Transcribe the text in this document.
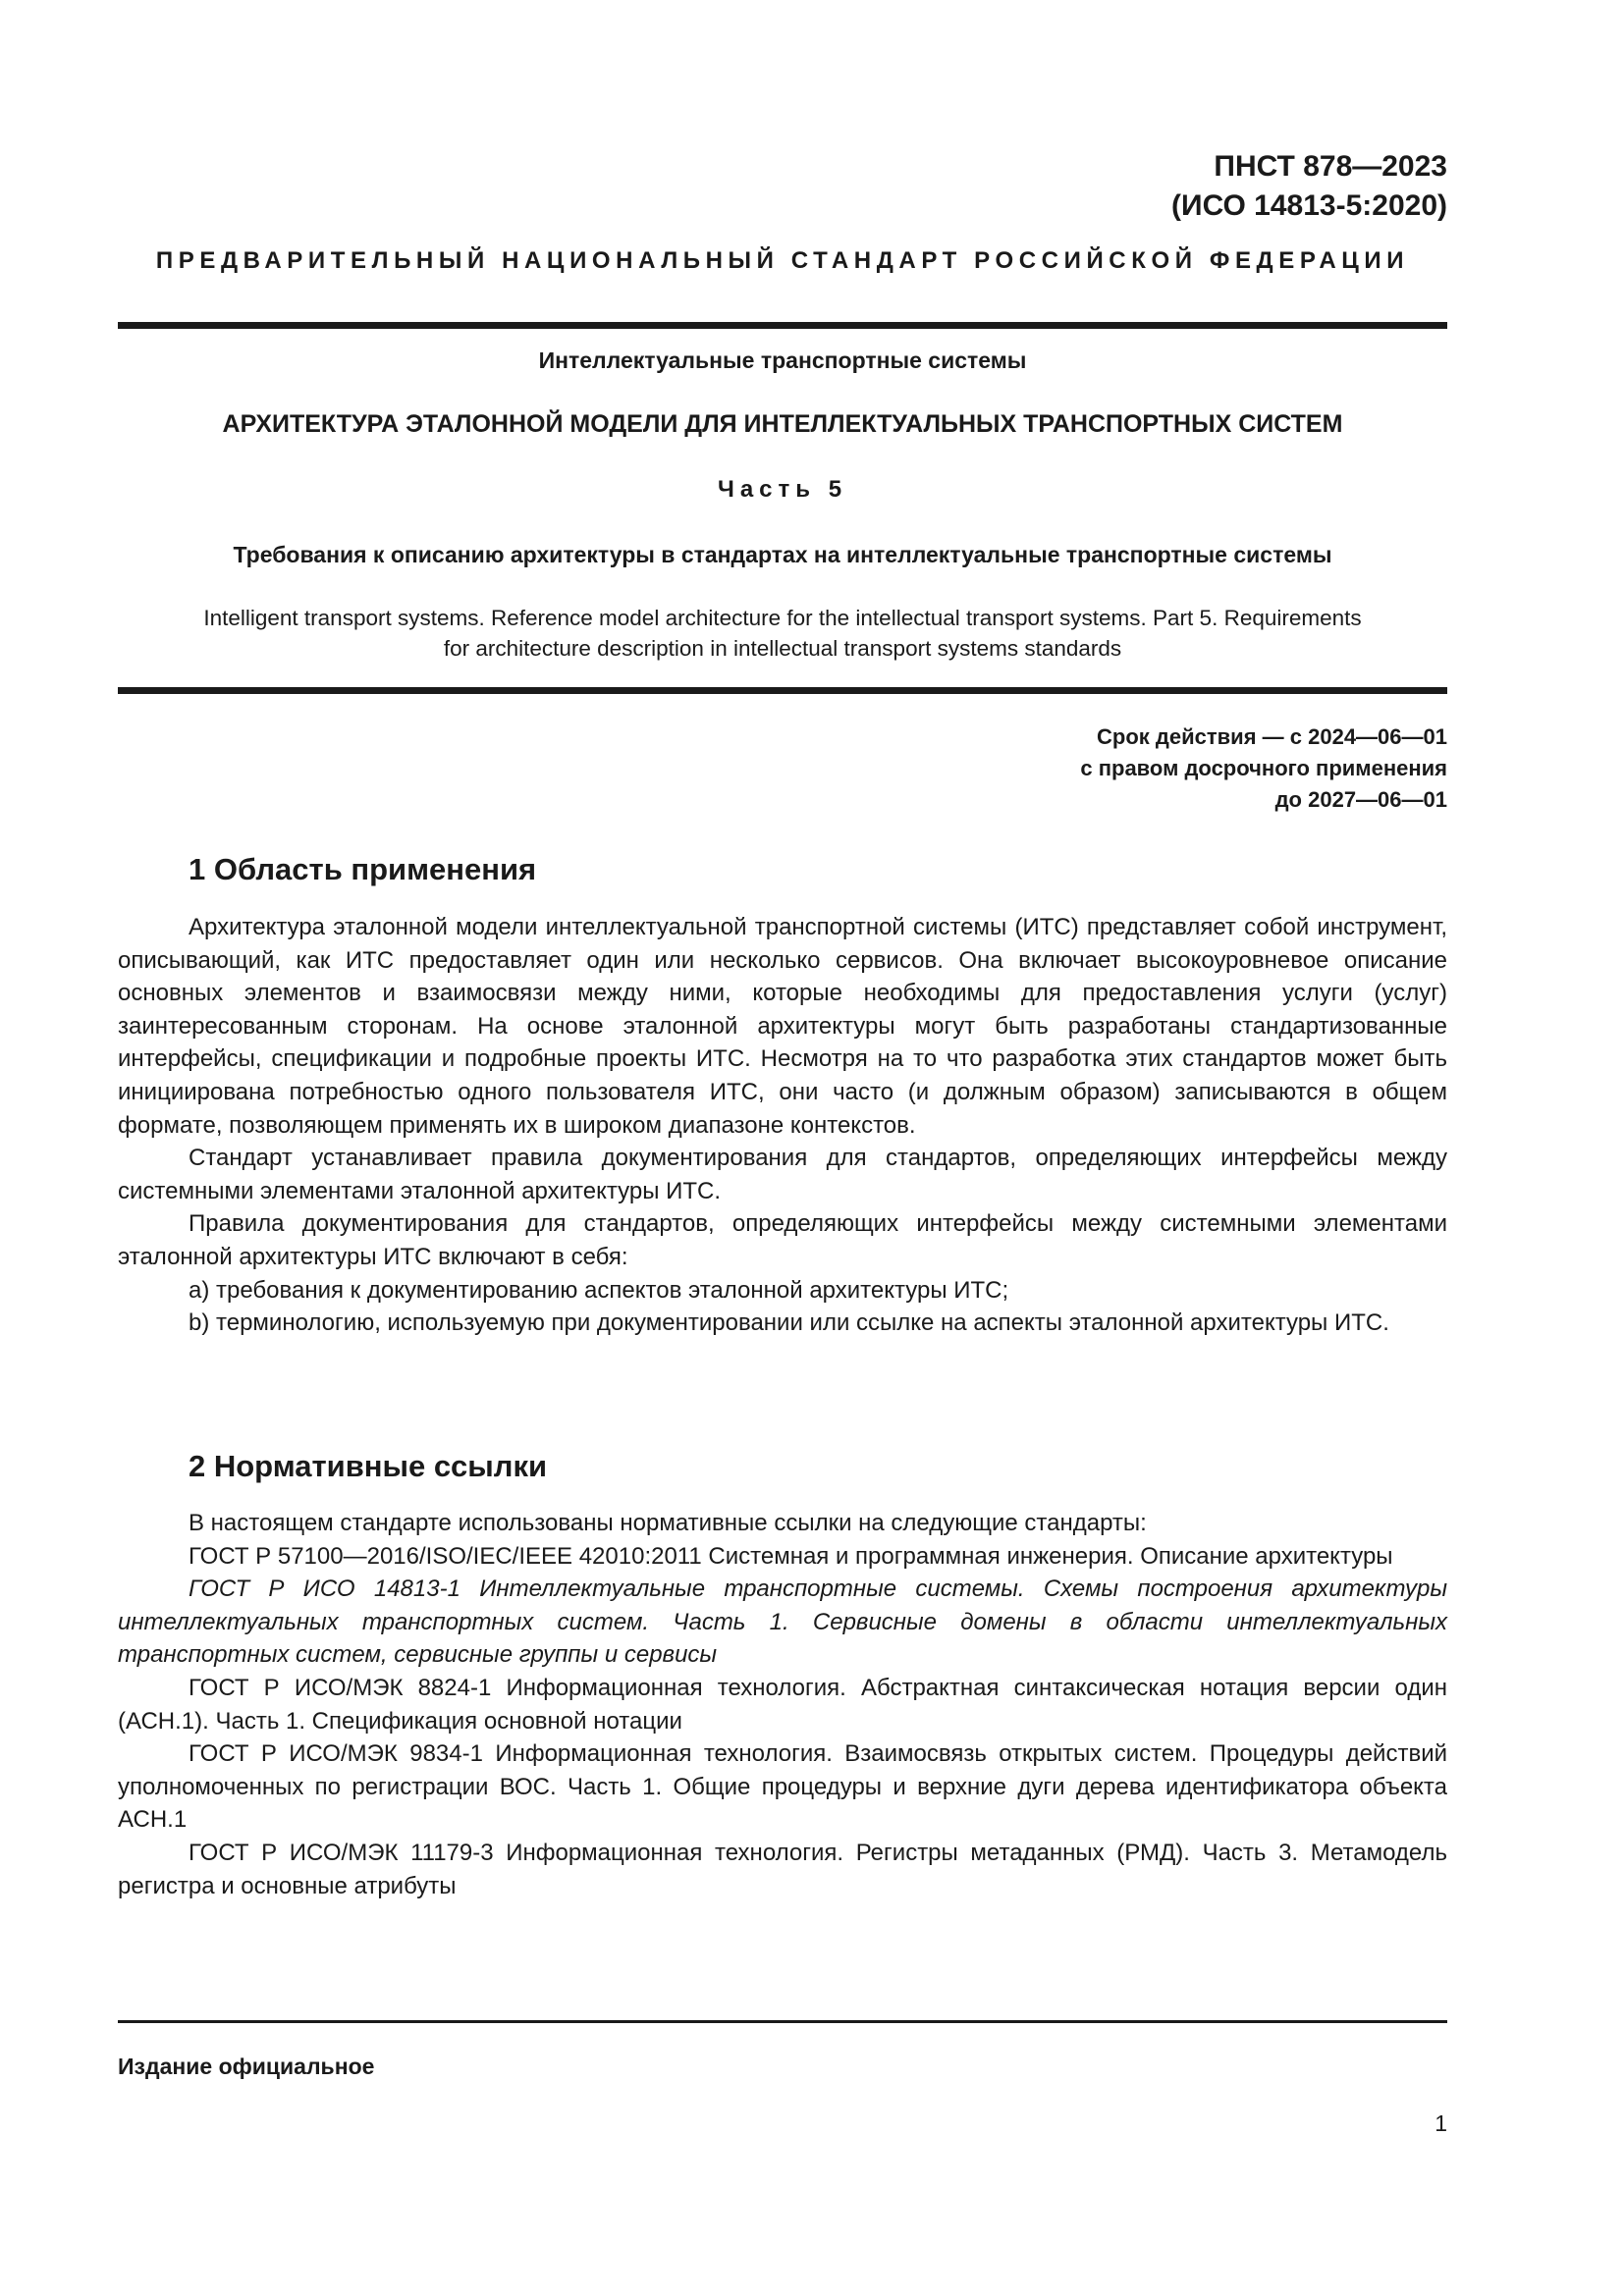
ПНСТ 878—2023
(ИСО 14813-5:2020)
ПРЕДВАРИТЕЛЬНЫЙ НАЦИОНАЛЬНЫЙ СТАНДАРТ РОССИЙСКОЙ ФЕДЕРАЦИИ
Интеллектуальные транспортные системы
АРХИТЕКТУРА ЭТАЛОННОЙ МОДЕЛИ ДЛЯ ИНТЕЛЛЕКТУАЛЬНЫХ ТРАНСПОРТНЫХ СИСТЕМ
Часть 5
Требования к описанию архитектуры в стандартах на интеллектуальные транспортные системы
Intelligent transport systems. Reference model architecture for the intellectual transport systems. Part 5. Requirements
for architecture description in intellectual transport systems standards
Срок действия — с 2024—06—01
с правом досрочного применения
до 2027—06—01
1 Область применения

Архитектура эталонной модели интеллектуальной транспортной системы (ИТС) представляет собой инструмент, описывающий, как ИТС предоставляет один или несколько сервисов. Она включает высокоуровневое описание основных элементов и взаимосвязи между ними, которые необходимы для предоставления услуги (услуг) заинтересованным сторонам. На основе эталонной архитектуры могут быть разработаны стандартизованные интерфейсы, спецификации и подробные проекты ИТС. Несмотря на то что разработка этих стандартов может быть инициирована потребностью одного пользователя ИТС, они часто (и должным образом) записываются в общем формате, позволяющем применять их в широком диапазоне контекстов.

Стандарт устанавливает правила документирования для стандартов, определяющих интерфейсы между системными элементами эталонной архитектуры ИТС.

Правила документирования для стандартов, определяющих интерфейсы между системными элементами эталонной архитектуры ИТС включают в себя:

a) требования к документированию аспектов эталонной архитектуры ИТС;

b) терминологию, используемую при документировании или ссылке на аспекты эталонной архитектуры ИТС.

2 Нормативные ссылки

В настоящем стандарте использованы нормативные ссылки на следующие стандарты:

ГОСТ Р 57100—2016/ISO/IEC/IEEE 42010:2011 Системная и программная инженерия. Описание архитектуры

ГОСТ Р ИСО 14813-1 Интеллектуальные транспортные системы. Схемы построения архитектуры интеллектуальных транспортных систем. Часть 1. Сервисные домены в области интеллектуальных транспортных систем, сервисные группы и сервисы

ГОСТ Р ИСО/МЭК 8824-1 Информационная технология. Абстрактная синтаксическая нотация версии один (АСН.1). Часть 1. Спецификация основной нотации

ГОСТ Р ИСО/МЭК 9834-1 Информационная технология. Взаимосвязь открытых систем. Процедуры действий уполномоченных по регистрации ВОС. Часть 1. Общие процедуры и верхние дуги дерева идентификатора объекта АСН.1

ГОСТ Р ИСО/МЭК 11179-3 Информационная технология. Регистры метаданных (РМД). Часть 3. Метамодель регистра и основные атрибуты

Издание официальное
1
